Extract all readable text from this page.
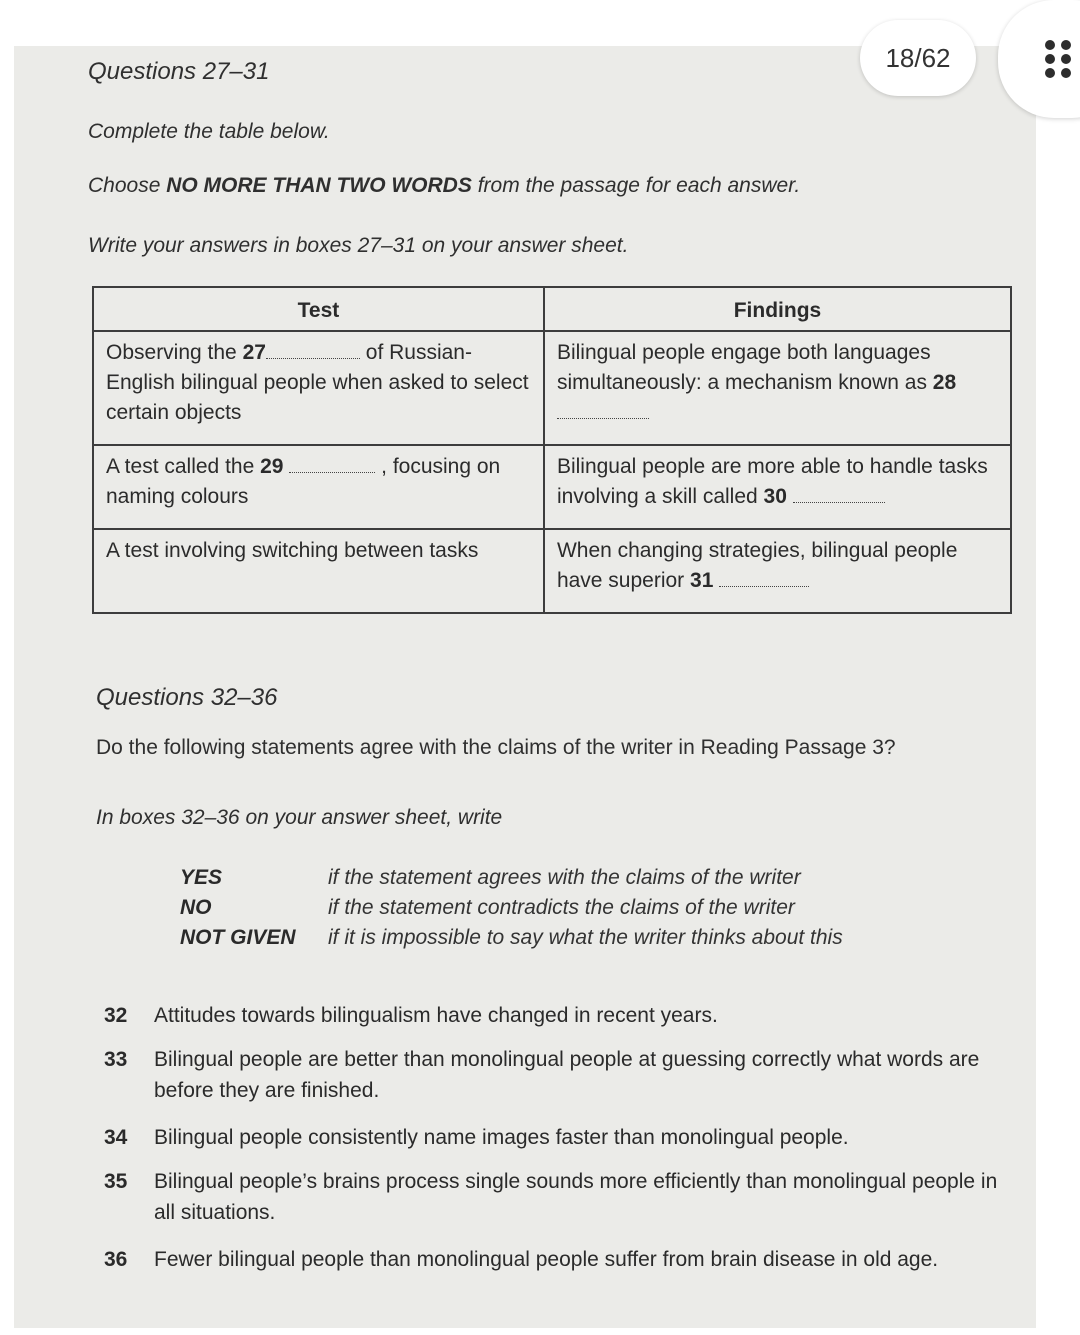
Questions 27–31
Complete the table below.
Choose NO MORE THAN TWO WORDS from the passage for each answer.
Write your answers in boxes 27–31 on your answer sheet.
Test	Findings
Observing the 27 of Russian-English bilingual people when asked to select certain objects	Bilingual people engage both languages simultaneously: a mechanism known as 28
A test called the 29 , focusing on naming colours	Bilingual people are more able to handle tasks involving a skill called 30
A test involving switching between tasks	When changing strategies, bilingual people have superior 31
Questions 32–36
Do the following statements agree with the claims of the writer in Reading Passage 3?
In boxes 32–36 on your answer sheet, write
YES	if the statement agrees with the claims of the writer
NO	if the statement contradicts the claims of the writer
NOT GIVEN if it is impossible to say what the writer thinks about this
32 Attitudes towards bilingualism have changed in recent years.
33 Bilingual people are better than monolingual people at guessing correctly what words are before they are finished.
34 Bilingual people consistently name images faster than monolingual people.
35 Bilingual people’s brains process single sounds more efficiently than monolingual people in all situations.
36 Fewer bilingual people than monolingual people suffer from brain disease in old age.
18/62
